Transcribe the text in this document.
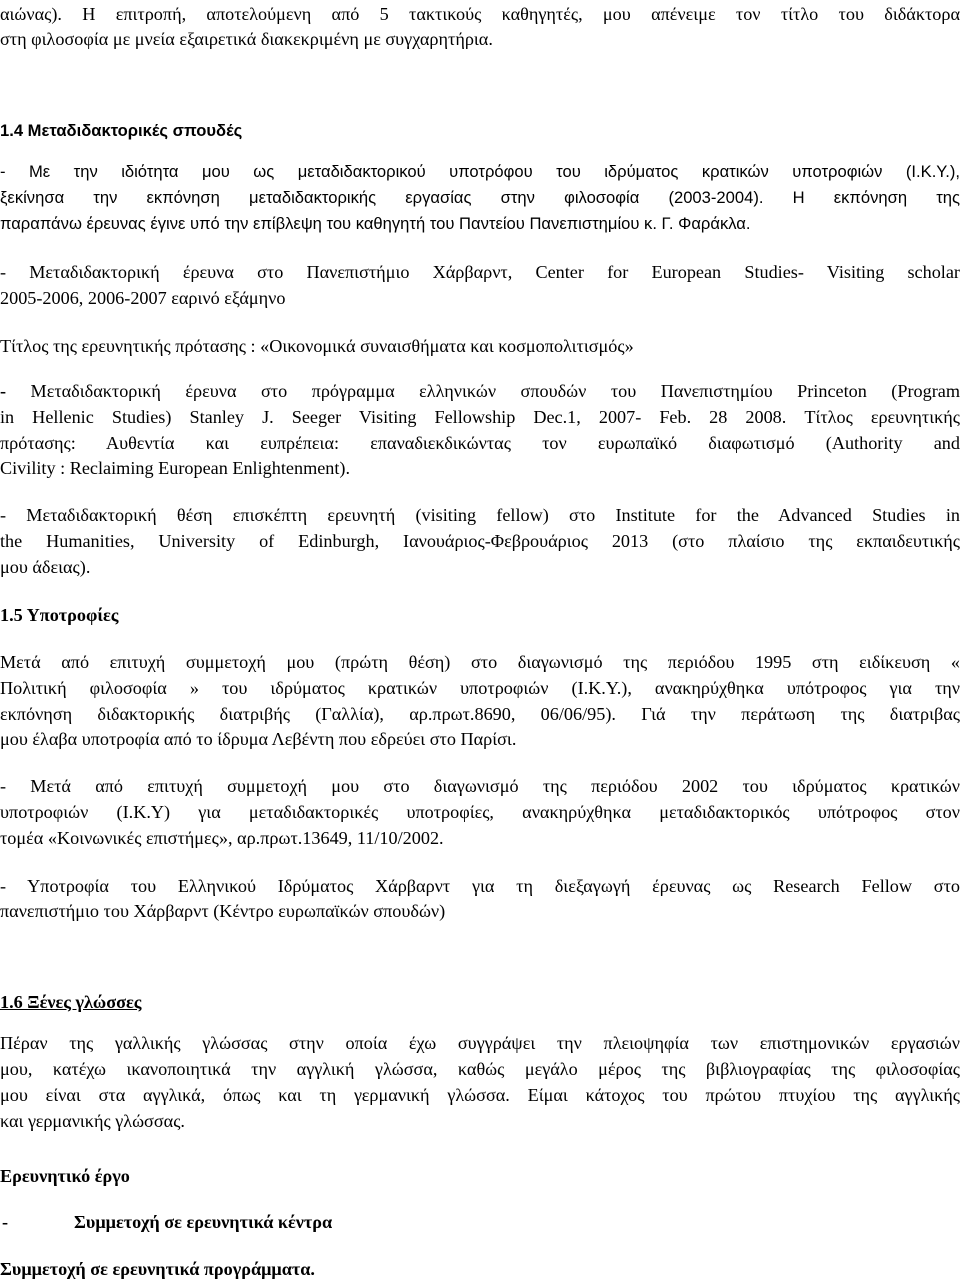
αιώνας). Η επιτροπή, αποτελούμενη από 5 τακτικούς καθηγητές, μου απένειμε τον τίτλο του διδάκτορα

στη φιλοσοφία με μνεία εξαιρετικά διακεκριμένη με συγχαρητήρια.

1.4 Μεταδιδακτορικές σπουδές

- Με την ιδιότητα μου ως μεταδιδακτορικού υποτρόφου του ιδρύματος κρατικών υποτροφιών (Ι.Κ.Υ.),

ξεκίνησα την εκπόνηση μεταδιδακτορικής εργασίας στην φιλοσοφία (2003-2004). Η εκπόνηση της

παραπάνω έρευνας έγινε υπό την επίβλεψη του καθηγητή του Παντείου Πανεπιστημίου κ. Γ. Φαράκλα.

- Μεταδιδακτορική έρευνα στο Πανεπιστήμιο Χάρβαρντ, Center for European Studies- Visiting scholar

2005-2006, 2006-2007 εαρινό εξάμηνο

Τίτλος της ερευνητικής πρότασης : «Οικονομικά συναισθήματα και κοσμοπολιτισμός»

- Μεταδιδακτορική έρευνα στο πρόγραμμα ελληνικών σπουδών του Πανεπιστημίου Princeton (Program

in Hellenic Studies) Stanley J. Seeger Visiting Fellowship Dec.1, 2007- Feb. 28 2008. Τίτλος ερευνητικής

πρότασης: Αυθεντία και ευπρέπεια: επαναδιεκδικώντας τον ευρωπαϊκό διαφωτισμό (Authority and

Civility : Reclaiming European Enlightenment).

- Μεταδιδακτορική θέση επισκέπτη ερευνητή (visiting fellow) στο Institute for the Advanced Studies in

the Humanities, University of Edinburgh, Ιανουάριος-Φεβρουάριος 2013 (στο πλαίσιο της εκπαιδευτικής

μου άδειας).

1.5 Υποτροφίες

Μετά από επιτυχή συμμετοχή μου (πρώτη θέση) στο διαγωνισμό της περιόδου 1995 στη ειδίκευση «

Πολιτική φιλοσοφία » του ιδρύματος κρατικών υποτροφιών (Ι.Κ.Υ.), ανακηρύχθηκα υπότροφος για την

εκπόνηση διδακτορικής διατριβής (Γαλλία), αρ.πρωτ.8690, 06/06/95). Γιά την περάτωση της διατριβας

μου έλαβα υποτροφία από το ίδρυμα Λεβέντη που εδρεύει στο Παρίσι.

- Μετά από επιτυχή συμμετοχή μου στο διαγωνισμό της περιόδου 2002 του ιδρύματος κρατικών

υποτροφιών (Ι.Κ.Υ) για μεταδιδακτορικές υποτροφίες, ανακηρύχθηκα μεταδιδακτορικός υπότροφος στον

τομέα «Κοινωνικές επιστήμες», αρ.πρωτ.13649, 11/10/2002.

- Υποτροφία του Ελληνικού Ιδρύματος Χάρβαρντ για τη διεξαγωγή έρευνας ως Research Fellow στο

πανεπιστήμιο του Χάρβαρντ (Κέντρο ευρωπαϊκών σπουδών)

1.6 Ξένες γλώσσες

Πέραν της γαλλικής γλώσσας στην οποία έχω συγγράψει την πλειοψηφία των επιστημονικών εργασιών

μου, κατέχω ικανοποιητικά την αγγλική γλώσσα, καθώς μεγάλο μέρος της βιβλιογραφίας της φιλοσοφίας

μου είναι στα αγγλικά, όπως και τη γερμανική γλώσσα. Είμαι κάτοχος του πρώτου πτυχίου της αγγλικής

και γερμανικής γλώσσας.

Ερευνητικό έργο

-	Συμμετοχή σε ερευνητικά κέντρα

Συμμετοχή σε ερευνητικά προγράμματα.
